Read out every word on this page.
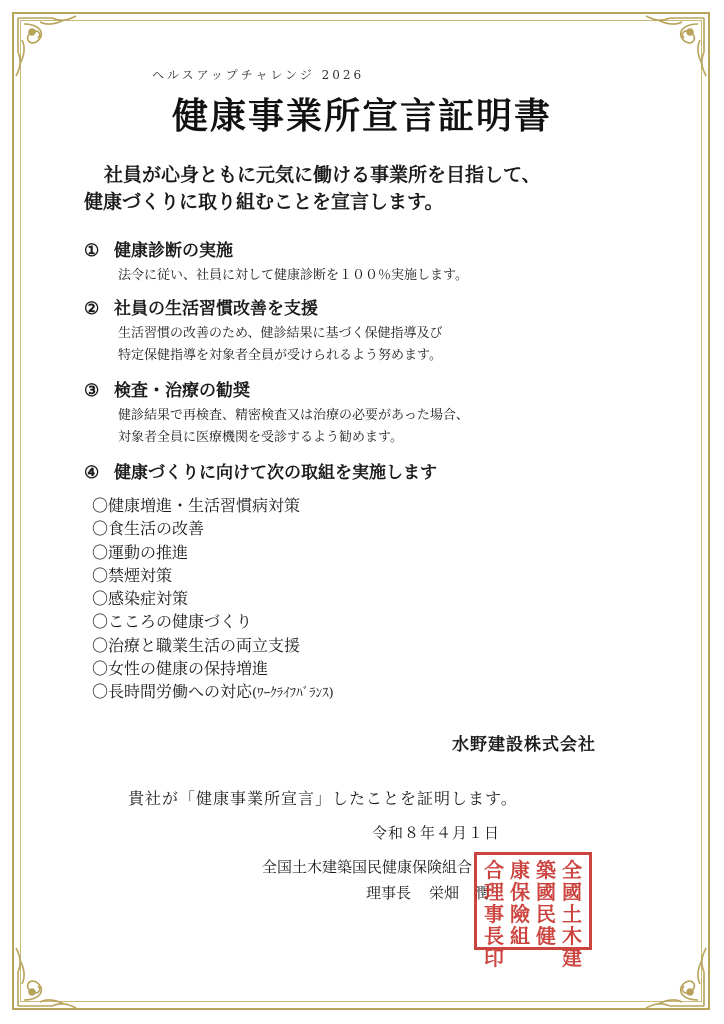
ヘルスアップチャレンジ 2026
健康事業所宣言証明書
社員が心身ともに元気に働ける事業所を目指して、
健康づくりに取り組むことを宣言します。
① 健康診断の実施
法令に従い、社員に対して健康診断を１００％実施します。
② 社員の生活習慣改善を支援
生活習慣の改善のため、健診結果に基づく保健指導及び
特定保健指導を対象者全員が受けられるよう努めます。
③ 検査・治療の勧奨
健診結果で再検査、精密検査又は治療の必要があった場合、
対象者全員に医療機関を受診するよう勧めます。
④ 健康づくりに向けて次の取組を実施します
〇健康増進・生活習慣病対策
〇食生活の改善
〇運動の推進
〇禁煙対策
〇感染症対策
〇こころの健康づくり
〇治療と職業生活の両立支援
〇女性の健康の保持増進
〇長時間労働への対応(ﾜｰｸﾗｲﾌﾊﾞﾗﾝｽ)
水野建設株式会社
貴社が「健康事業所宣言」したことを証明します。
令和８年４月１日
全国土木建築国民健康保険組合
理事長 栄畑　潤
全國土木建
築國民健
康保險組
合理事長印
